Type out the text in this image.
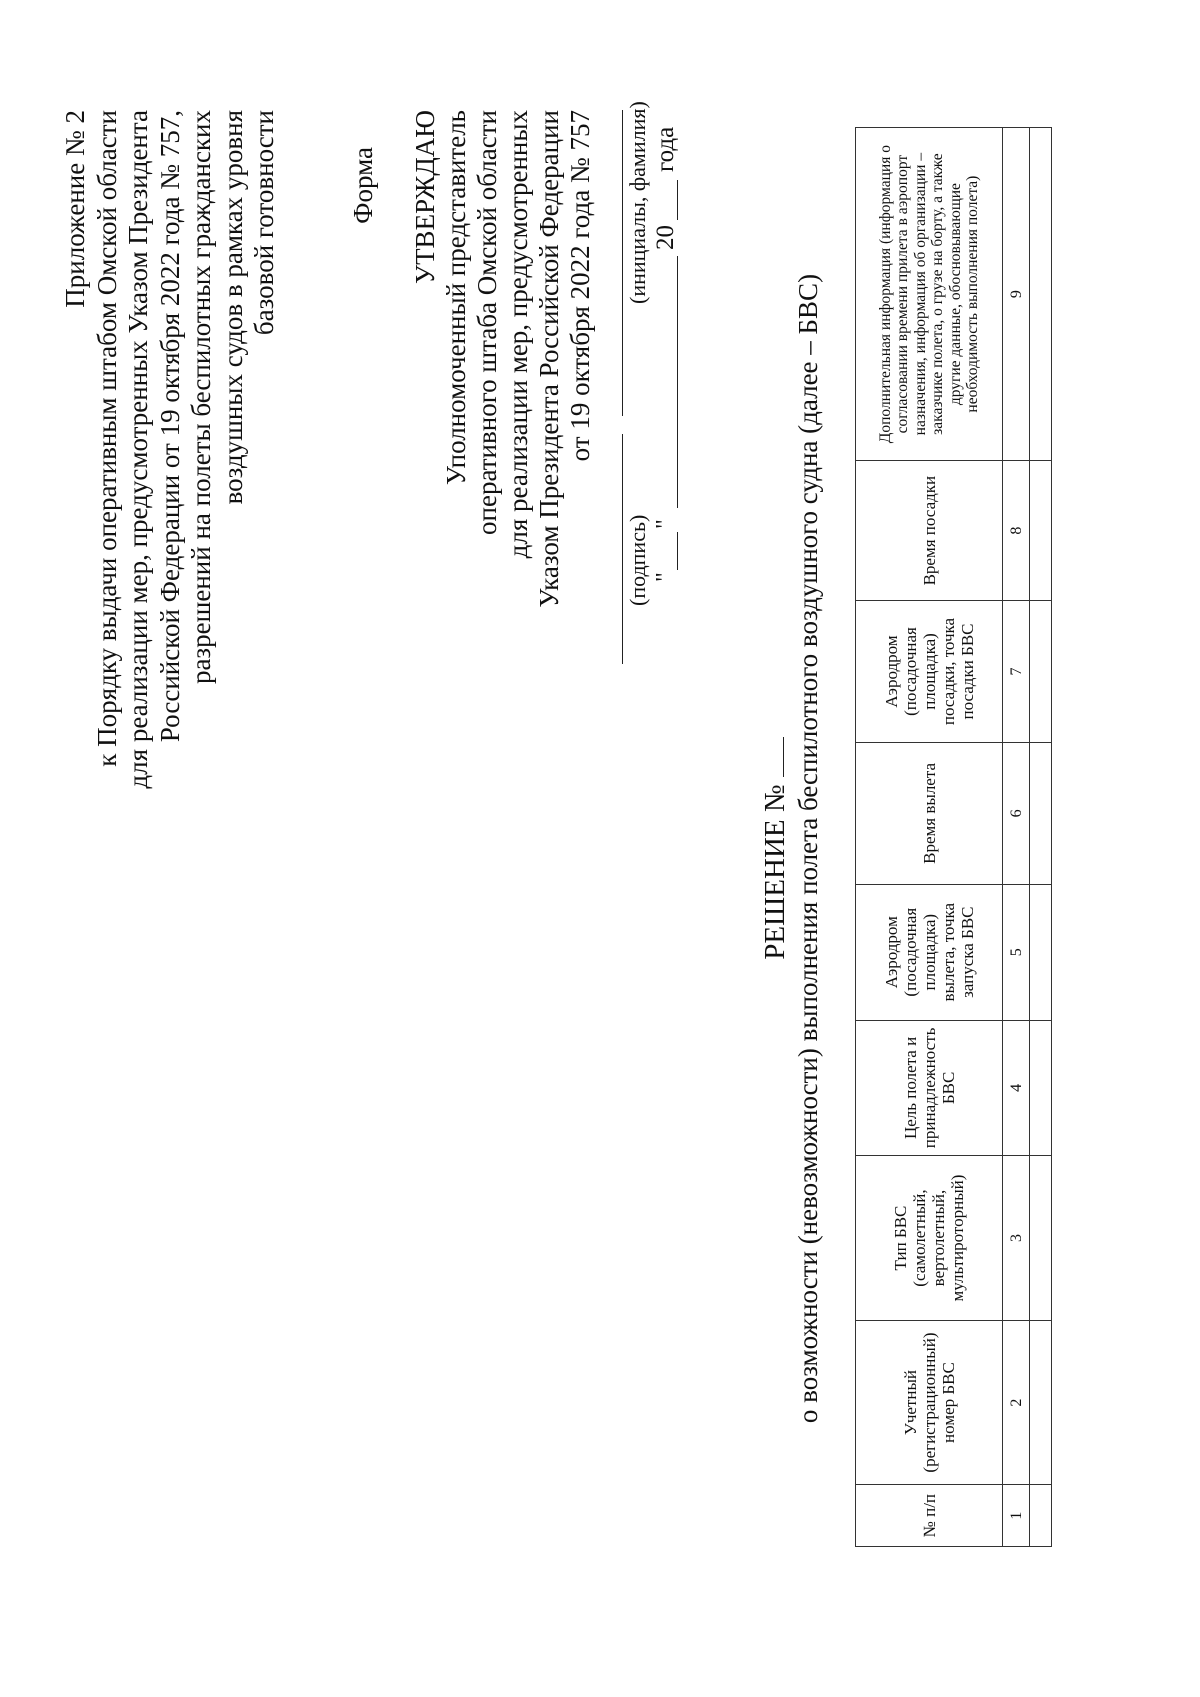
Приложение № 2 к Порядку выдачи оперативным штабом Омской области для реализации мер, предусмотренных Указом Президента Российской Федерации от 19 октября 2022 года № 757, разрешений на полеты беспилотных гражданских воздушных судов в рамках уровня базовой готовности	Форма УТВЕРЖДАЮ Уполномоченный представитель оперативного штаба Омской области для реализации мер, предусмотренных Указом Президента Российской Федерации от 19 октября 2022 года № 757
(подпись)
(инициалы, фамилия)
"
"
20
года
РЕШЕНИЕ № о возможности (невозможности) выполнения полета беспилотного воздушного судна (далее – БВС)
№ п/п	Учетный (регистрационный) номер БВС	Тип БВС (самолетный, вертолетный, мультироторный)	Цель полета и принадлежность БВС	Аэродром (посадочная площадка) вылета, точка запуска БВС	Время вылета	Аэродром (посадочная площадка) посадки, точка посадки БВС	Время посадки	Дополнительная информация (информация о согласовании времени прилета в аэропорт назначения, информация об организации – заказчике полета, о грузе на борту, а также другие данные, обосновывающие необходимость выполнения полета)
1	2	3	4	5	6	7	8	9
